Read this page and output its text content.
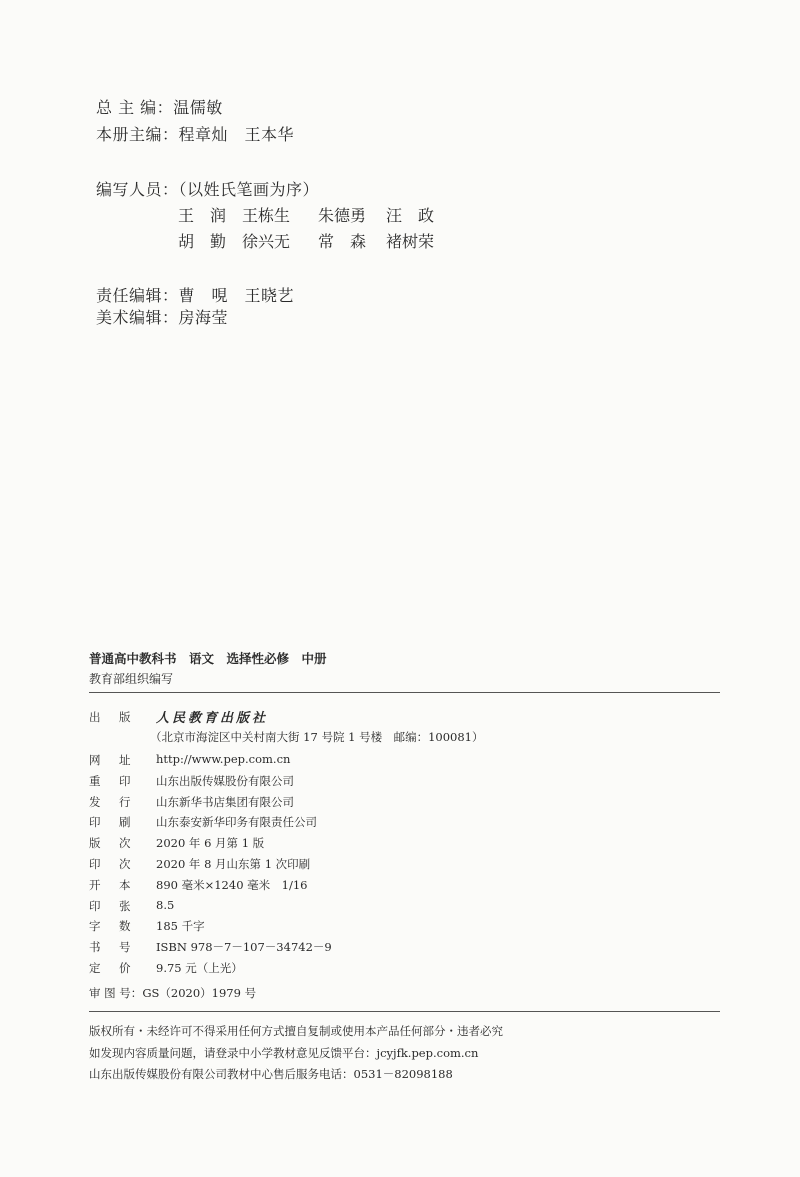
总 主 编：温儒敏
本册主编：程章灿　王本华
编写人员：（以姓氏笔画为序）
王　润 王栋生 朱德勇 汪　政
胡　勤 徐兴无 常　森 褚树荣
责任编辑：曹　哯　王晓艺
美术编辑：房海莹
普通高中教科书　语文　选择性必修　中册
教育部组织编写
出 版 人民教育出版社
（北京市海淀区中关村南大街 17 号院 1 号楼　邮编：100081）
网 址 http://www.pep.com.cn
重 印 山东出版传媒股份有限公司
发 行 山东新华书店集团有限公司
印 刷 山东泰安新华印务有限责任公司
版 次 2020 年 6 月第 1 版
印 次 2020 年 8 月山东第 1 次印刷
开 本 890 毫米×1240 毫米　1/16
印 张 8.5
字 数 185 千字
书 号 ISBN 978－7－107－34742－9
定 价 9.75 元（上光）
审 图 号：GS（2020）1979 号
版权所有・未经许可不得采用任何方式擅自复制或使用本产品任何部分・违者必究
如发现内容质量问题，请登录中小学教材意见反馈平台：jcyjfk.pep.com.cn
山东出版传媒股份有限公司教材中心售后服务电话：0531－82098188
